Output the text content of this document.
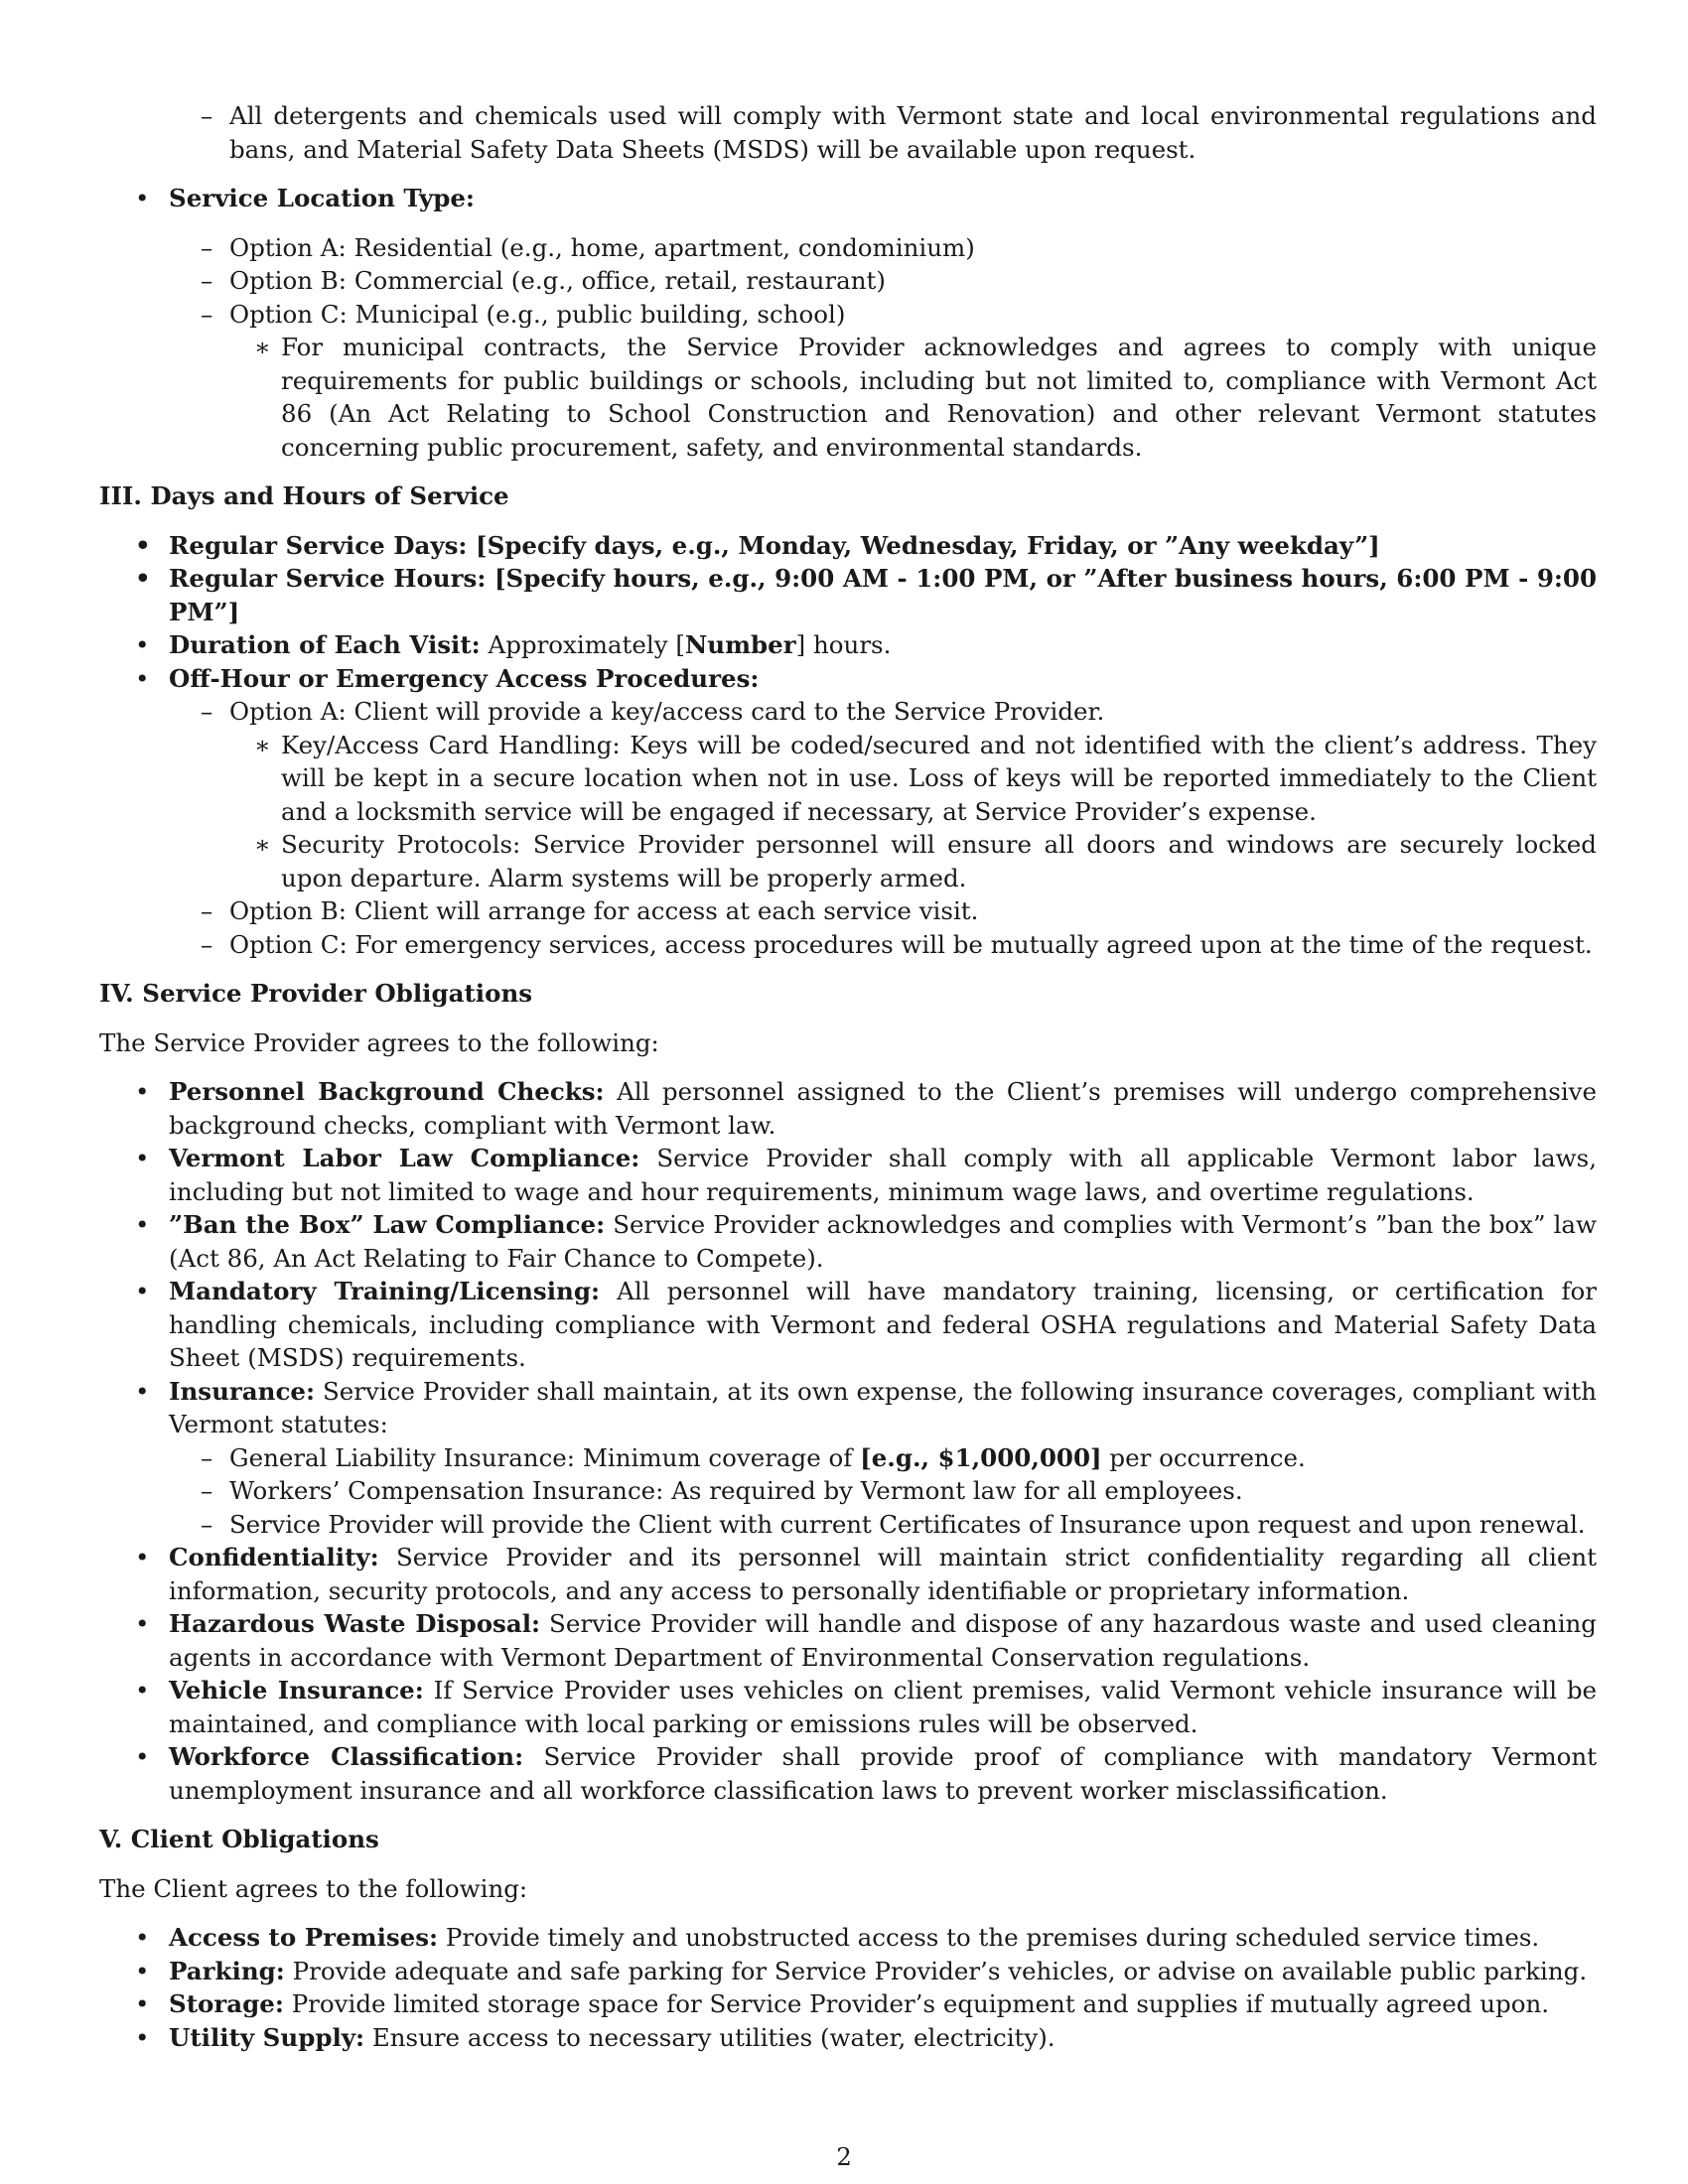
– All detergents and chemicals used will comply with Vermont state and local environmental regulations and bans, and Material Safety Data Sheets (MSDS) will be available upon request.

• Service Location Type:
– Option A: Residential (e.g., home, apartment, condominium)
– Option B: Commercial (e.g., office, retail, restaurant)
– Option C: Municipal (e.g., public building, school)
∗ For municipal contracts, the Service Provider acknowledges and agrees to comply with unique requirements for public buildings or schools, including but not limited to, compliance with Vermont Act 86 (An Act Relating to School Construction and Renovation) and other relevant Vermont statutes concerning public procurement, safety, and environmental standards.
III. Days and Hours of Service
• Regular Service Days: [Specify days, e.g., Monday, Wednesday, Friday, or ”Any weekday”]
• Regular Service Hours: [Specify hours, e.g., 9:00 AM - 1:00 PM, or ”After business hours, 6:00 PM - 9:00 PM”]
• Duration of Each Visit: Approximately [Number] hours.
• Off-Hour or Emergency Access Procedures:
– Option A: Client will provide a key/access card to the Service Provider.
∗ Key/Access Card Handling: Keys will be coded/secured and not identified with the client’s address. They will be kept in a secure location when not in use. Loss of keys will be reported immediately to the Client and a locksmith service will be engaged if necessary, at Service Provider’s expense.
∗ Security Protocols: Service Provider personnel will ensure all doors and windows are securely locked upon departure. Alarm systems will be properly armed.
– Option B: Client will arrange for access at each service visit.
– Option C: For emergency services, access procedures will be mutually agreed upon at the time of the request.
IV. Service Provider Obligations

The Service Provider agrees to the following:

• Personnel Background Checks: All personnel assigned to the Client’s premises will undergo comprehensive background checks, compliant with Vermont law.
• Vermont Labor Law Compliance: Service Provider shall comply with all applicable Vermont labor laws, including but not limited to wage and hour requirements, minimum wage laws, and overtime regulations.
• ”Ban the Box” Law Compliance: Service Provider acknowledges and complies with Vermont’s ”ban the box” law (Act 86, An Act Relating to Fair Chance to Compete).
• Mandatory Training/Licensing: All personnel will have mandatory training, licensing, or certification for handling chemicals, including compliance with Vermont and federal OSHA regulations and Material Safety Data Sheet (MSDS) requirements.
• Insurance: Service Provider shall maintain, at its own expense, the following insurance coverages, compliant with Vermont statutes:
– General Liability Insurance: Minimum coverage of [e.g., $1,000,000] per occurrence.
– Workers’ Compensation Insurance: As required by Vermont law for all employees.
– Service Provider will provide the Client with current Certificates of Insurance upon request and upon renewal.
• Confidentiality: Service Provider and its personnel will maintain strict confidentiality regarding all client information, security protocols, and any access to personally identifiable or proprietary information.
• Hazardous Waste Disposal: Service Provider will handle and dispose of any hazardous waste and used cleaning agents in accordance with Vermont Department of Environmental Conservation regulations.
• Vehicle Insurance: If Service Provider uses vehicles on client premises, valid Vermont vehicle insurance will be maintained, and compliance with local parking or emissions rules will be observed.
• Workforce Classification: Service Provider shall provide proof of compliance with mandatory Vermont unemployment insurance and all workforce classification laws to prevent worker misclassification.
V. Client Obligations

The Client agrees to the following:

• Access to Premises: Provide timely and unobstructed access to the premises during scheduled service times.
• Parking: Provide adequate and safe parking for Service Provider’s vehicles, or advise on available public parking.
• Storage: Provide limited storage space for Service Provider’s equipment and supplies if mutually agreed upon.
• Utility Supply: Ensure access to necessary utilities (water, electricity).
2
